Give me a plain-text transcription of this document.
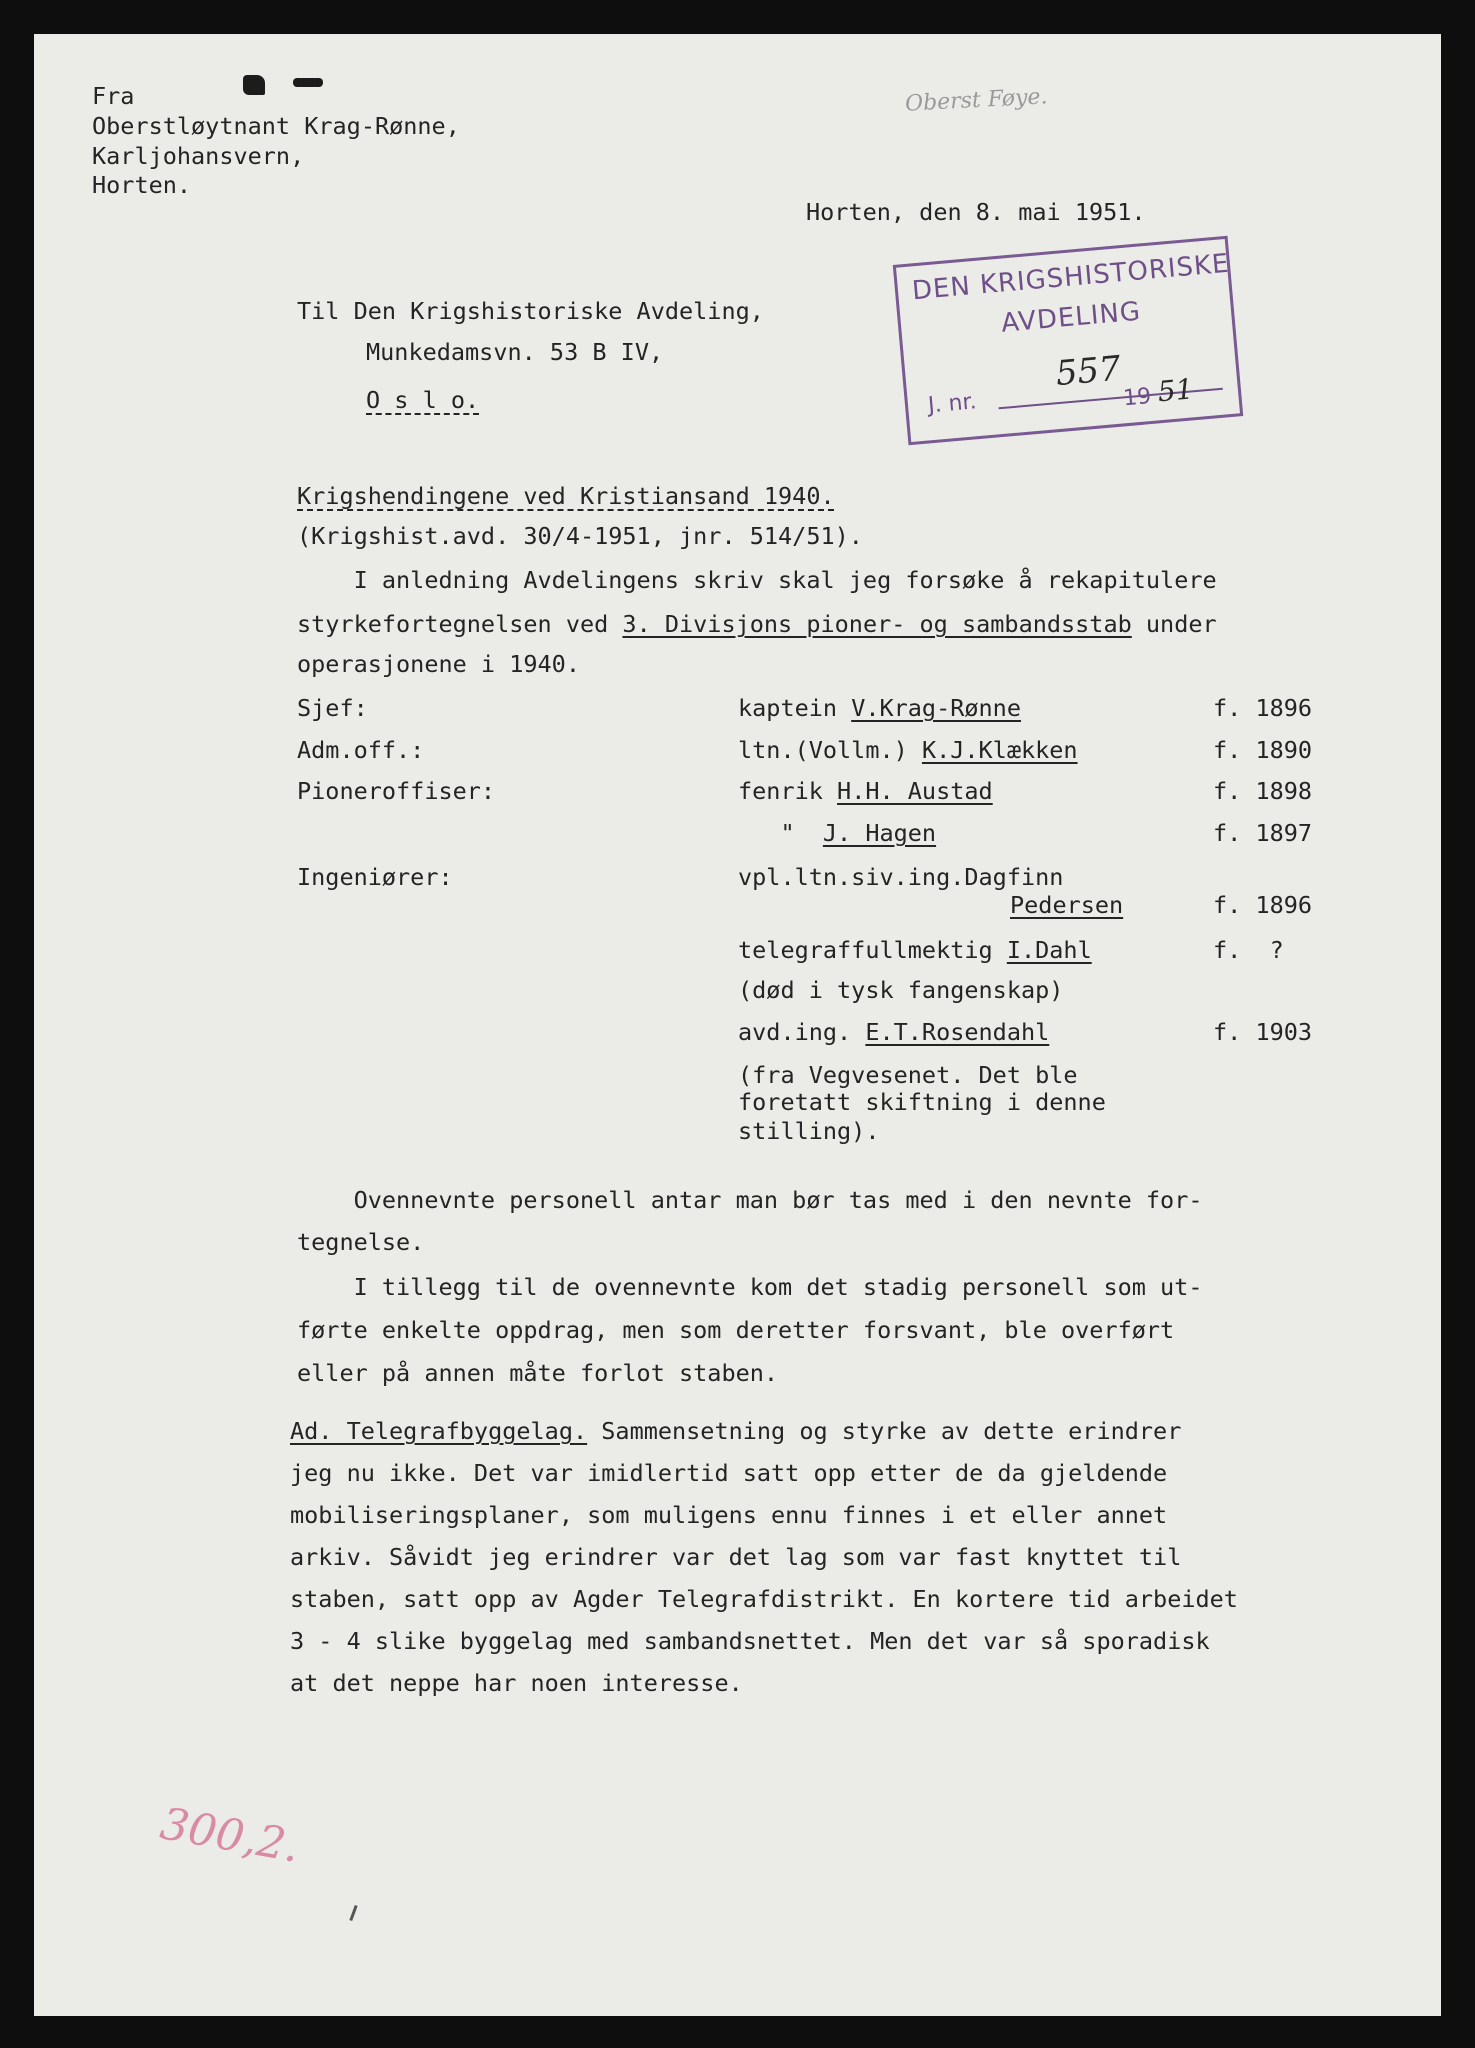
Fra
Oberstløytnant Krag-Rønne,
Karljohansvern,
Horten.
Oberst Føye.
Horten, den 8. mai 1951.
DEN KRIGSHISTORISKE
AVDELING
J. nr.
557
19 51
Til Den Krigshistoriske Avdeling,
Munkedamsvn. 53 B IV,
O s l o.
Krigshendingene ved Kristiansand 1940.
(Krigshist.avd. 30/4-1951, jnr. 514/51).
I anledning Avdelingens skriv skal jeg forsøke å rekapitulere
styrkefortegnelsen ved 3. Divisjons pioner- og sambandsstab under
operasjonene i 1940.
Sjef:	kaptein V.Krag-Rønne	f. 1896
Adm.off.:	ltn.(Vollm.) K.J.Klækken	f. 1890
Pioneroffiser:	fenrik H.H. Austad	f. 1898
"  J. Hagen	f. 1897
Ingeniører:	vpl.ltn.siv.ing.Dagfinn
Pedersen	f. 1896
telegraffullmektig I.Dahl	f.  ?
(død i tysk fangenskap)
avd.ing. E.T.Rosendahl	f. 1903
(fra Vegvesenet. Det ble
foretatt skiftning i denne
stilling).
Ovennevnte personell antar man bør tas med i den nevnte for-
tegnelse.
I tillegg til de ovennevnte kom det stadig personell som ut-
førte enkelte oppdrag, men som deretter forsvant, ble overført
eller på annen måte forlot staben.
Ad. Telegrafbyggelag. Sammensetning og styrke av dette erindrer
jeg nu ikke. Det var imidlertid satt opp etter de da gjeldende
mobiliseringsplaner, som muligens ennu finnes i et eller annet
arkiv. Såvidt jeg erindrer var det lag som var fast knyttet til
staben, satt opp av Agder Telegrafdistrikt. En kortere tid arbeidet
3 - 4 slike byggelag med sambandsnettet. Men det var så sporadisk
at det neppe har noen interesse.
300,2.
